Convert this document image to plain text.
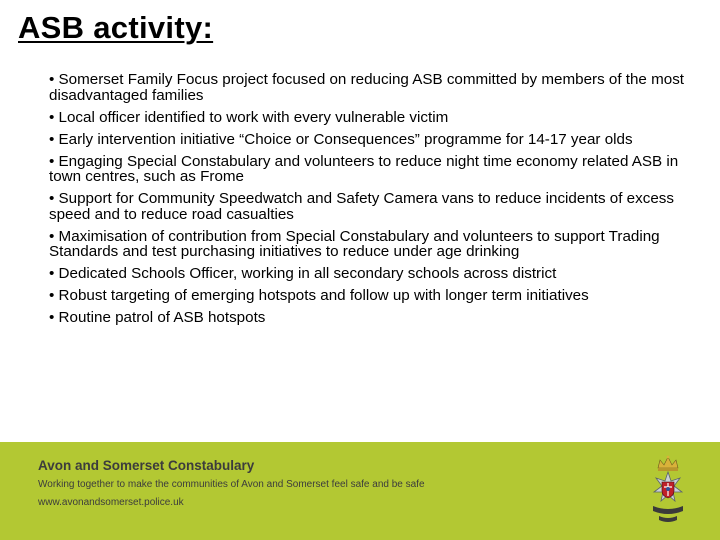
ASB activity:
• Somerset Family Focus project focused on reducing ASB committed by members of the most disadvantaged families
• Local officer identified to work with every vulnerable victim
• Early intervention initiative “Choice or Consequences” programme for 14-17 year olds
• Engaging Special Constabulary and volunteers to reduce night time economy related ASB in town centres, such as Frome
• Support for Community Speedwatch and Safety Camera vans to reduce incidents of excess speed and to reduce road casualties
• Maximisation of contribution from Special Constabulary and volunteers to support Trading Standards and test purchasing initiatives to reduce under age drinking
• Dedicated Schools Officer, working in all secondary schools across district
• Robust targeting of emerging hotspots and follow up with longer term initiatives
• Routine patrol of ASB hotspots
Avon and Somerset Constabulary
Working together to make the communities of Avon and Somerset feel safe and be safe
www.avonandsomerset.police.uk
